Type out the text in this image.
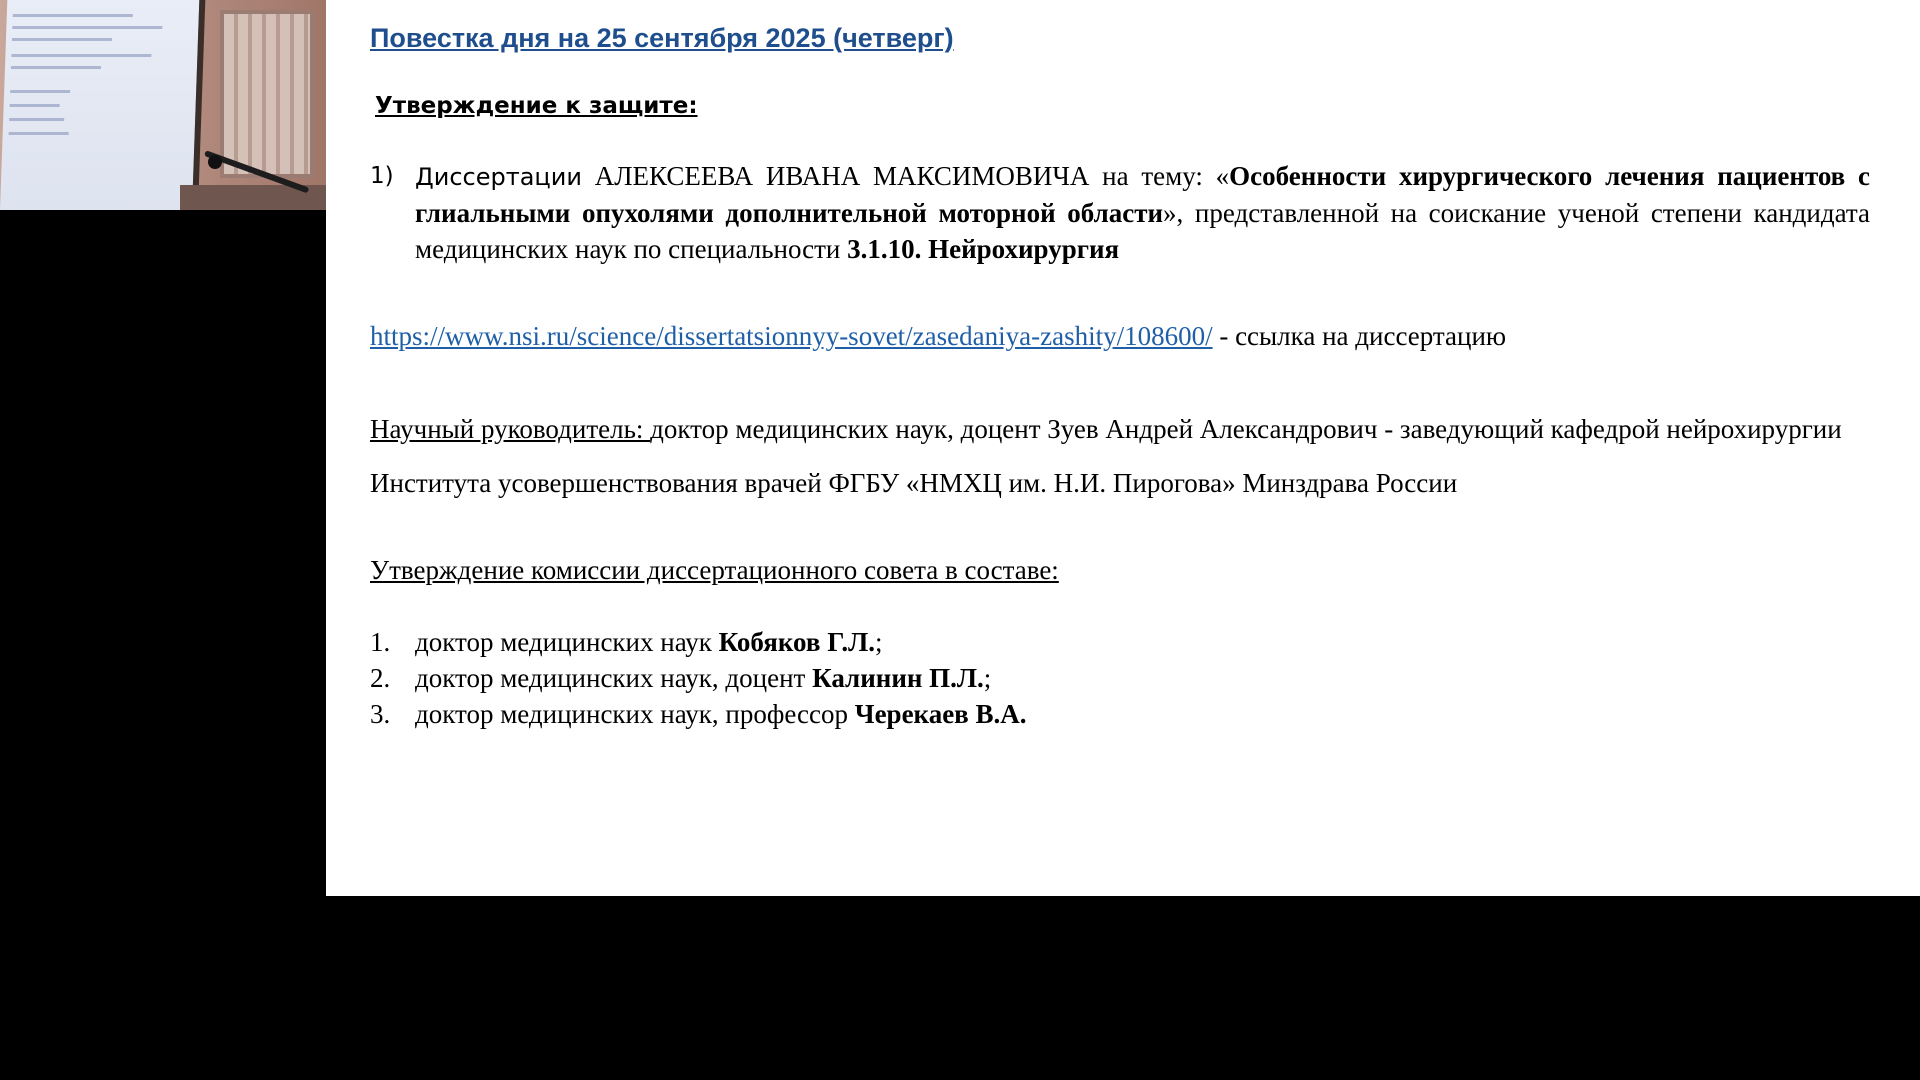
Повестка дня на 25 сентября 2025 (четверг)
Утверждение к защите:
1) Диссертации АЛЕКСЕЕВА ИВАНА МАКСИМОВИЧА на тему: «Особенности хирургического лечения пациентов с глиальными опухолями дополнительной моторной области», представленной на соискание ученой степени кандидата медицинских наук по специальности 3.1.10. Нейрохирургия
https://www.nsi.ru/science/dissertatsionnyy-sovet/zasedaniya-zashity/108600/ - ссылка на диссертацию
Научный руководитель: доктор медицинских наук, доцент Зуев Андрей Александрович - заведующий кафедрой нейрохирургии Института усовершенствования врачей ФГБУ «НМХЦ им. Н.И. Пирогова» Минздрава России
Утверждение комиссии диссертационного совета в составе:
1. доктор медицинских наук Кобяков Г.Л.;
2. доктор медицинских наук, доцент Калинин П.Л.;
3. доктор медицинских наук, профессор Черекаев В.А.
